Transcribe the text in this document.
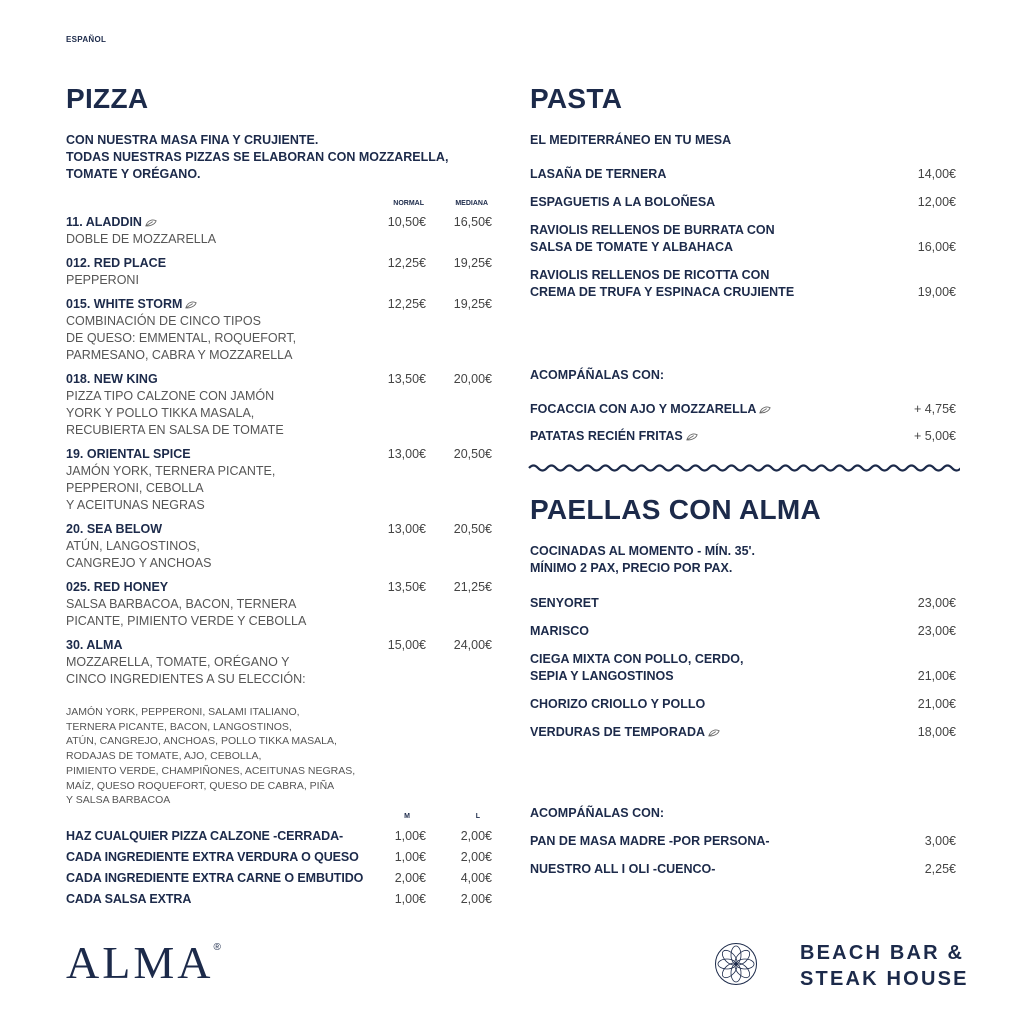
ESPAÑOL
PIZZA
CON NUESTRA MASA FINA Y CRUJIENTE.
TODAS NUESTRAS PIZZAS SE ELABORAN CON MOZZARELLA,
TOMATE Y ORÉGANO.
NORMAL	MEDIANA
11. ALADDIN
DOBLE DE MOZZARELLA
10,50€ 16,50€
012. RED PLACE
PEPPERONI
12,25€ 19,25€
015. WHITE STORM
COMBINACIÓN DE CINCO TIPOS
DE QUESO: EMMENTAL, ROQUEFORT,
PARMESANO, CABRA Y MOZZARELLA
12,25€ 19,25€
018. NEW KING
PIZZA TIPO CALZONE CON JAMÓN
YORK Y POLLO TIKKA MASALA,
RECUBIERTA EN SALSA DE TOMATE
13,50€ 20,00€
19. ORIENTAL SPICE
JAMÓN YORK, TERNERA PICANTE,
PEPPERONI, CEBOLLA
Y ACEITUNAS NEGRAS
13,00€ 20,50€
20. SEA BELOW
ATÚN, LANGOSTINOS,
CANGREJO Y ANCHOAS
13,00€ 20,50€
025. RED HONEY
SALSA BARBACOA, BACON, TERNERA
PICANTE, PIMIENTO VERDE Y CEBOLLA
13,50€ 21,25€
30. ALMA
MOZZARELLA, TOMATE, ORÉGANO Y
CINCO INGREDIENTES A SU ELECCIÓN:
15,00€ 24,00€
JAMÓN YORK, PEPPERONI, SALAMI ITALIANO,
TERNERA PICANTE, BACON, LANGOSTINOS,
ATÚN, CANGREJO, ANCHOAS, POLLO TIKKA MASALA,
RODAJAS DE TOMATE, AJO, CEBOLLA,
PIMIENTO VERDE, CHAMPIÑONES, ACEITUNAS NEGRAS,
MAÍZ, QUESO ROQUEFORT, QUESO DE CABRA, PIÑA
Y SALSA BARBACOA
M	L
HAZ CUALQUIER PIZZA CALZONE -CERRADA-	1,00€	2,00€
CADA INGREDIENTE EXTRA VERDURA O QUESO	1,00€	2,00€
CADA INGREDIENTE EXTRA CARNE O EMBUTIDO	2,00€	4,00€
CADA SALSA EXTRA	1,00€	2,00€
PASTA
EL MEDITERRÁNEO EN TU MESA
LASAÑA DE TERNERA	14,00€
ESPAGUETIS A LA BOLOÑESA	12,00€
RAVIOLIS RELLENOS DE BURRATA CON
SALSA DE TOMATE Y ALBAHACA	16,00€
RAVIOLIS RELLENOS DE RICOTTA CON
CREMA DE TRUFA Y ESPINACA CRUJIENTE	19,00€
ACOMPÁÑALAS CON:
FOCACCIA CON AJO Y MOZZARELLA	+ 4,75€
PATATAS RECIÉN FRITAS	+ 5,00€
PAELLAS CON ALMA
COCINADAS AL MOMENTO - MÍN. 35'.
MÍNIMO 2 PAX, PRECIO POR PAX.
SENYORET	23,00€
MARISCO	23,00€
CIEGA MIXTA CON POLLO, CERDO,
SEPIA Y LANGOSTINOS	21,00€
CHORIZO CRIOLLO Y POLLO	21,00€
VERDURAS DE TEMPORADA	18,00€
ACOMPÁÑALAS CON:
PAN DE MASA MADRE -POR PERSONA-	3,00€
NUESTRO ALL I OLI -CUENCO-	2,25€
ALMA®	BEACH BAR &
STEAK HOUSE
